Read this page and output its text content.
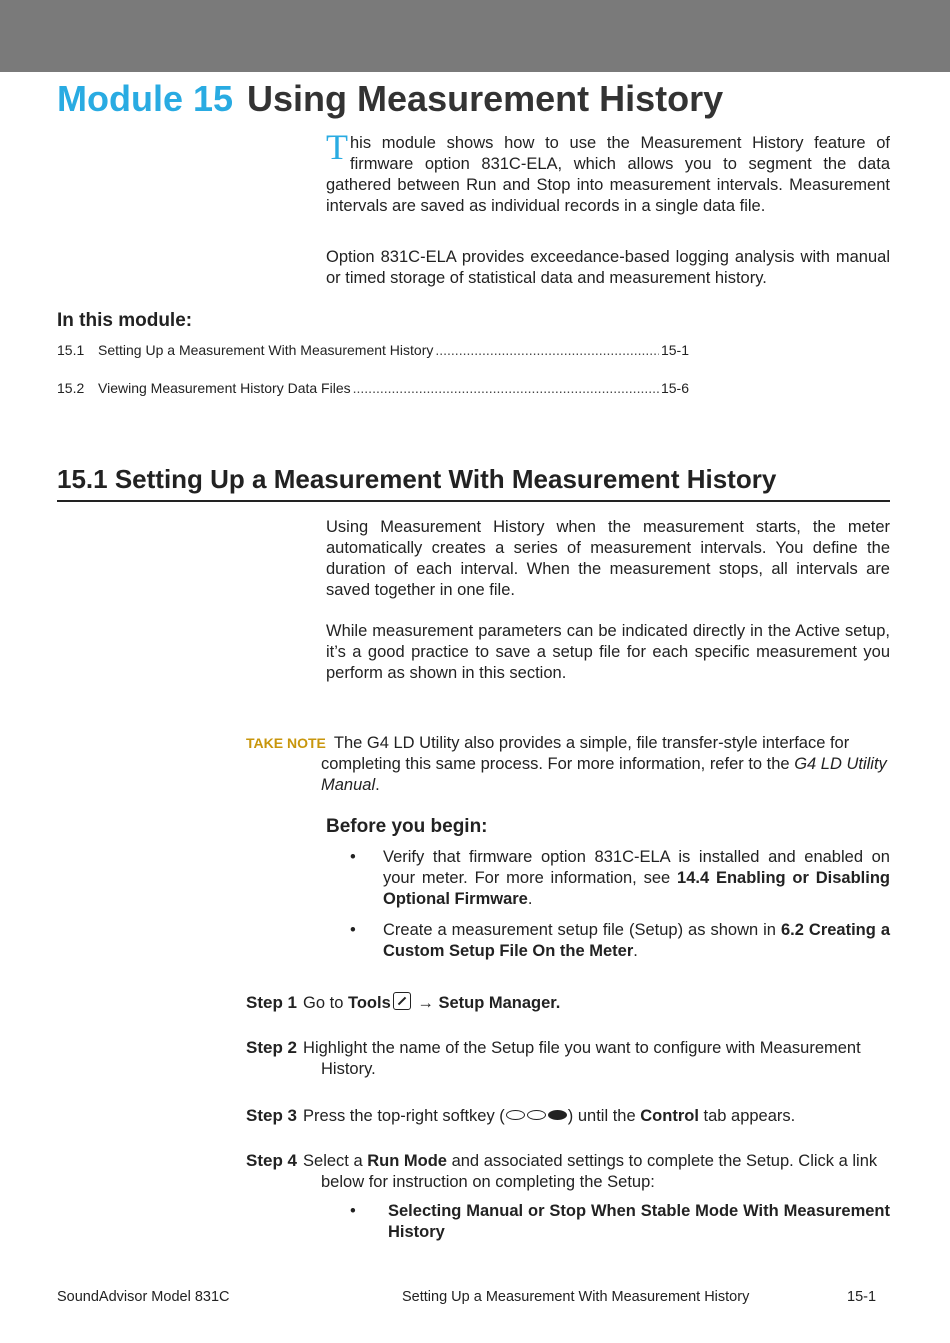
Module 15 Using Measurement History
This module shows how to use the Measurement History feature of firmware option 831C-ELA, which allows you to segment the data gathered between Run and Stop into measurement intervals. Measurement intervals are saved as individual records in a single data file.
Option 831C-ELA provides exceedance-based logging analysis with manual or timed storage of statistical data and measurement history.
In this module:
15.1 Setting Up a Measurement With Measurement History .....	15-1
15.2 Viewing Measurement History Data Files .....	15-6
15.1 Setting Up a Measurement With Measurement History
Using Measurement History when the measurement starts, the meter automatically creates a series of measurement intervals. You define the duration of each interval. When the measurement stops, all intervals are saved together in one file.
While measurement parameters can be indicated directly in the Active setup, it’s a good practice to save a setup file for each specific measurement you perform as shown in this section.
TAKE NOTE The G4 LD Utility also provides a simple, file transfer-style interface for
completing this same process. For more information, refer to the G4 LD Utility Manual.
Before you begin:
•	Verify that firmware option 831C-ELA is installed and enabled on your meter. For more information, see 14.4 Enabling or Disabling Optional Firmware.
•	Create a measurement setup file (Setup) as shown in 6.2 Creating a Custom Setup File On the Meter.
Step 1 Go to Tools → Setup Manager.
Step 2 Highlight the name of the Setup file you want to configure with Measurement
History.
Step 3 Press the top-right softkey (	) until the Control tab appears.
Step 4 Select a Run Mode and associated settings to complete the Setup. Click a link
below for instruction on completing the Setup:
•	Selecting Manual or Stop When Stable Mode With Measurement History
SoundAdvisor Model 831C	Setting Up a Measurement With Measurement History	15-1
